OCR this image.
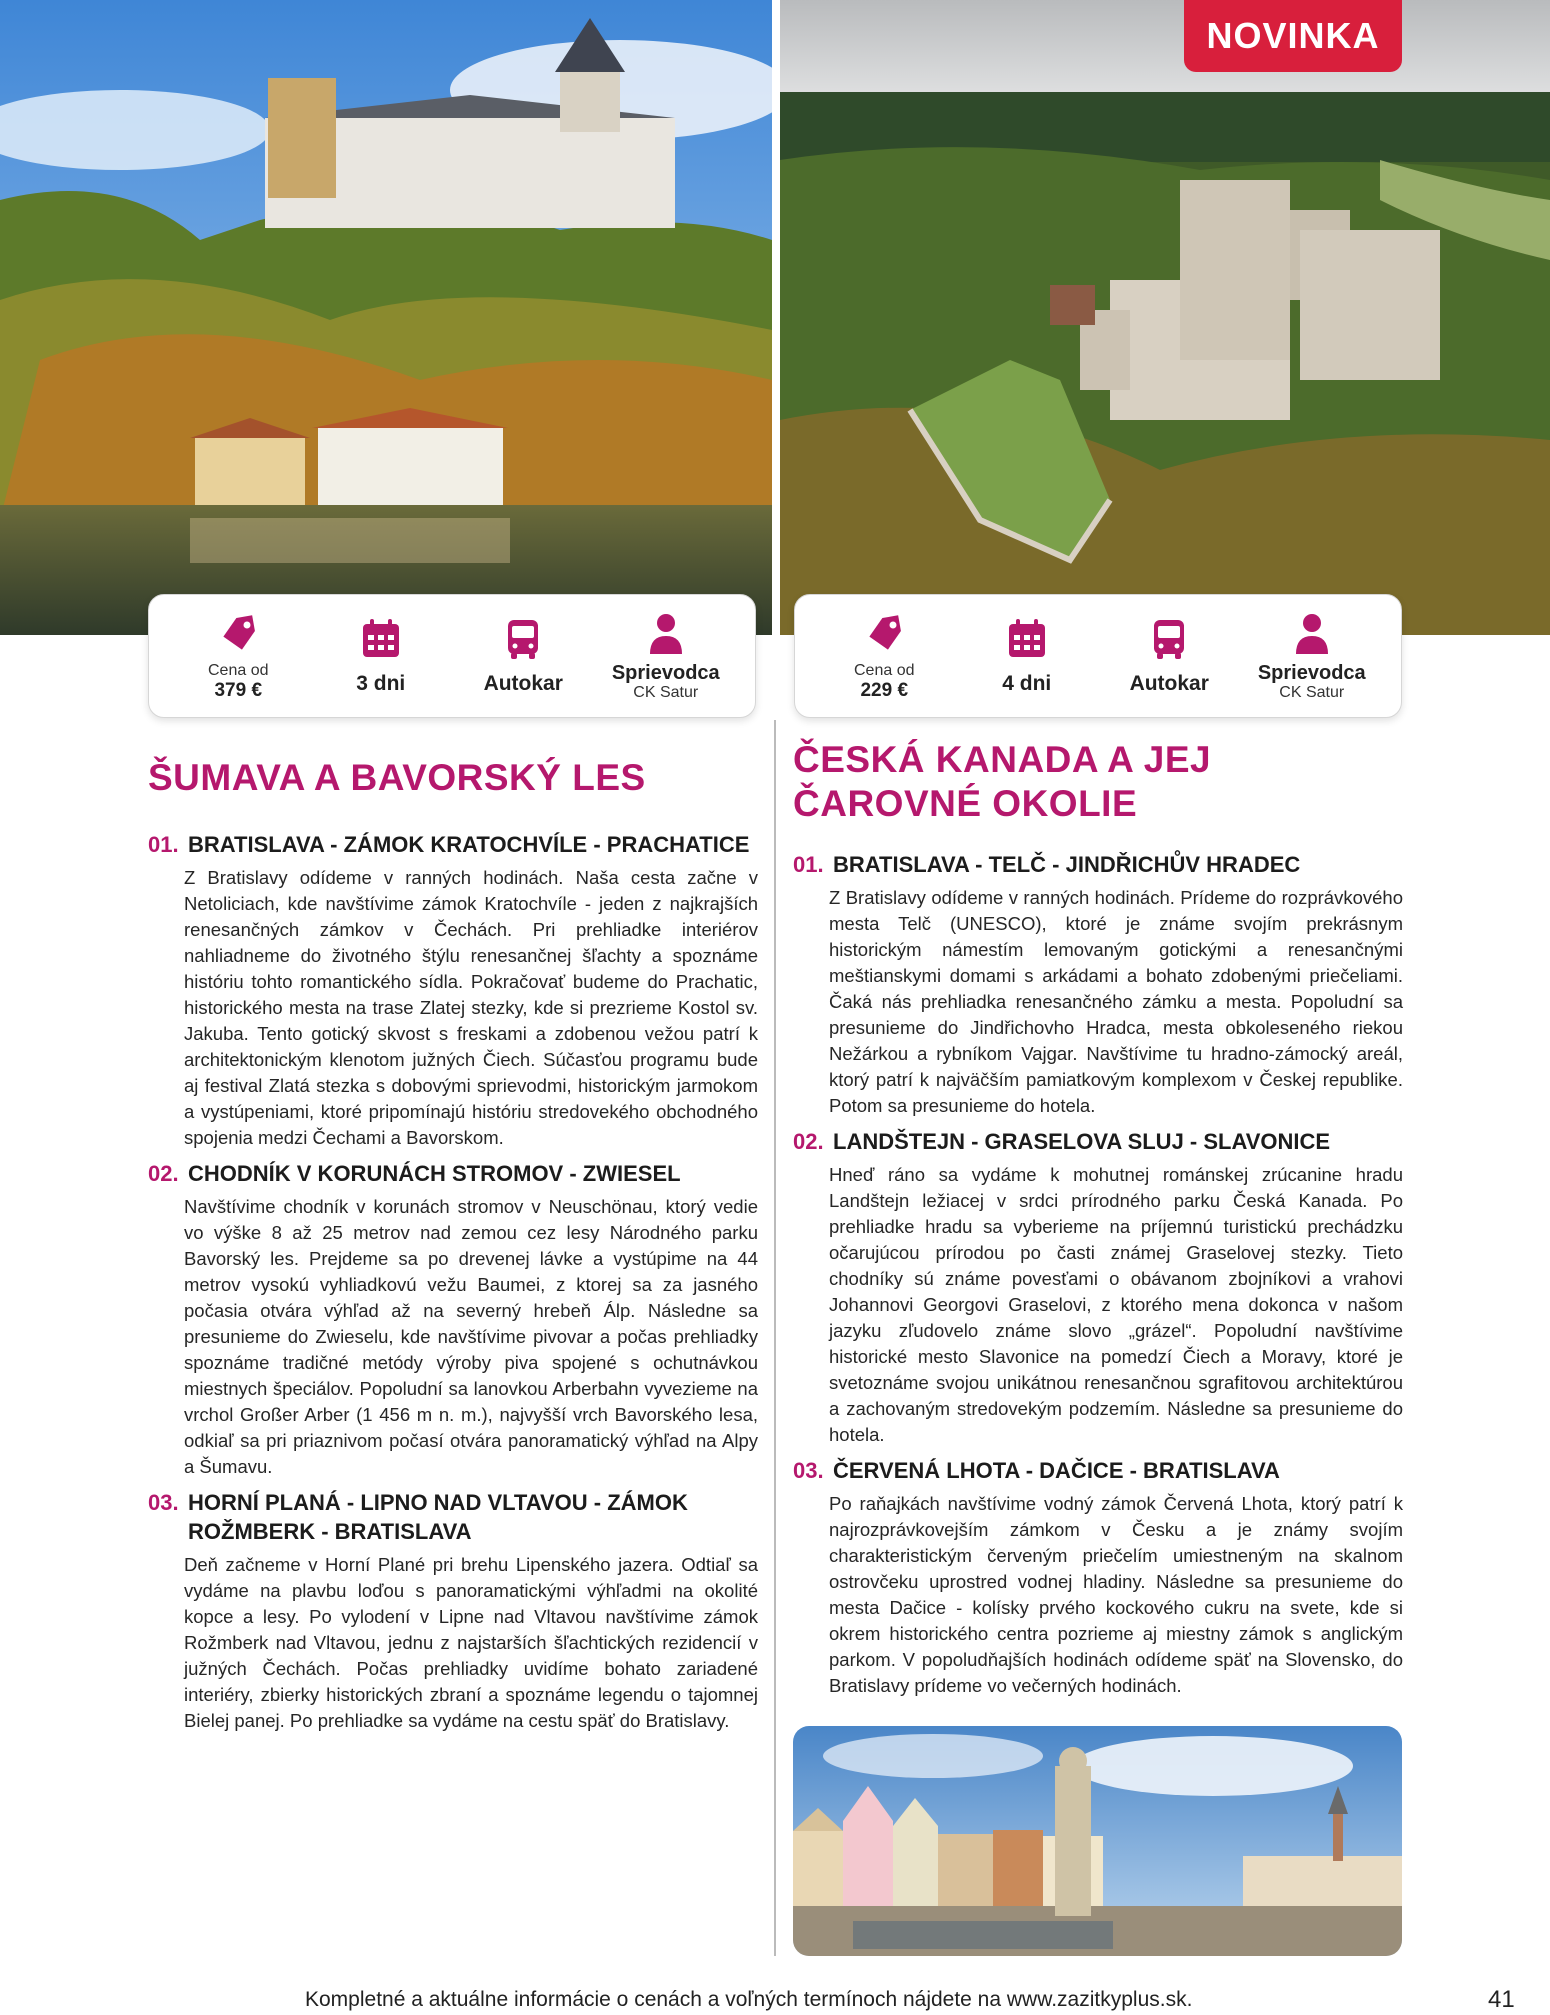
NOVINKA
Cena od
379 €	3 dni	Autokar Sprievodca
CK Satur
Cena od
229 €	4 dni	Autokar Sprievodca
CK Satur
ŠUMAVA A BAVORSKÝ LES
01. BRATISLAVA - ZÁMOK KRATOCHVÍLE - PRACHATICE

Z Bratislavy odídeme v ranných hodinách. Naša cesta začne v Netoliciach, kde navštívime zámok Kratochvíle - jeden z najkrajších renesančných zámkov v Čechách. Pri prehliadke interiérov nahliadneme do životného štýlu renesančnej šľachty a spoznáme históriu tohto romantického sídla. Pokračovať budeme do Prachatic, historického mesta na trase Zlatej stezky, kde si prezrieme Kostol sv. Jakuba. Tento gotický skvost s freskami a zdobenou vežou patrí k architektonickým klenotom južných Čiech. Súčasťou programu bude aj festival Zlatá stezka s dobovými sprievodmi, historickým jarmokom a vystúpeniami, ktoré pripomínajú históriu stredovekého obchodného spojenia medzi Čechami a Bavorskom.

02. CHODNÍK V KORUNÁCH STROMOV - ZWIESEL

Navštívime chodník v korunách stromov v Neuschönau, ktorý vedie vo výške 8 až 25 metrov nad zemou cez lesy Národného parku Bavorský les. Prejdeme sa po drevenej lávke a vystúpime na 44 metrov vysokú vyhliadkovú vežu Baumei, z ktorej sa za jasného počasia otvára výhľad až na severný hrebeň Álp. Následne sa presunieme do Zwieselu, kde navštívime pivovar a počas prehliadky spoznáme tradičné metódy výroby piva spojené s ochutnávkou miestnych špeciálov. Popoludní sa lanovkou Arberbahn vyvezieme na vrchol Großer Arber (1 456 m n. m.), najvyšší vrch Bavorského lesa, odkiaľ sa pri priaznivom počasí otvára panoramatický výhľad na Alpy a Šumavu.

03. HORNÍ PLANÁ - LIPNO NAD VLTAVOU - ZÁMOK ROŽMBERK - BRATISLAVA

Deň začneme v Horní Plané pri brehu Lipenského jazera. Odtiaľ sa vydáme na plavbu loďou s panoramatickými výhľadmi na okolité kopce a lesy. Po vylodení v Lipne nad Vltavou navštívime zámok Rožmberk nad Vltavou, jednu z najstarších šľachtických rezidencií v južných Čechách. Počas prehliadky uvidíme bohato zariadené interiéry, zbierky historických zbraní a spoznáme legendu o tajomnej Bielej panej. Po prehliadke sa vydáme na cestu späť do Bratislavy.

ČESKÁ KANADA A JEJ ČAROVNÉ OKOLIE
01. BRATISLAVA - TELČ - JINDŘICHŮV HRADEC

Z Bratislavy odídeme v ranných hodinách. Prídeme do rozprávkového mesta Telč (UNESCO), ktoré je známe svojím prekrásnym historickým námestím lemovaným gotickými a renesančnými meštianskymi domami s arkádami a bohato zdobenými priečeliami. Čaká nás prehliadka renesančného zámku a mesta. Popoludní sa presunieme do Jindřichovho Hradca, mesta obkoleseného riekou Nežárkou a rybníkom Vajgar. Navštívime tu hradno-zámocký areál, ktorý patrí k najväčším pamiatkovým komplexom v Českej republike. Potom sa presunieme do hotela.

02. LANDŠTEJN - GRASELOVA SLUJ - SLAVONICE

Hneď ráno sa vydáme k mohutnej románskej zrúcanine hradu Landštejn ležiacej v srdci prírodného parku Česká Kanada. Po prehliadke hradu sa vyberieme na príjemnú turistickú prechádzku očarujúcou prírodou po časti známej Graselovej stezky. Tieto chodníky sú známe povesťami o obávanom zbojníkovi a vrahovi Johannovi Georgovi Graselovi, z ktorého mena dokonca v našom jazyku zľudovelo známe slovo „grázel“. Popoludní navštívime historické mesto Slavonice na pomedzí Čiech a Moravy, ktoré je svetoznáme svojou unikátnou renesančnou sgrafitovou architektúrou a zachovaným stredovekým podzemím. Následne sa presunieme do hotela.

03. ČERVENÁ LHOTA - DAČICE - BRATISLAVA

Po raňajkách navštívime vodný zámok Červená Lhota, ktorý patrí k najrozprávkovejším zámkom v Česku a je známy svojím charakteristickým červeným priečelím umiestneným na skalnom ostrovčeku uprostred vodnej hladiny. Následne sa presunieme do mesta Dačice - kolísky prvého kockového cukru na svete, kde si okrem historického centra pozrieme aj miestny zámok s anglickým parkom. V popoludňajších hodinách odídeme späť na Slovensko, do Bratislavy prídeme vo večerných hodinách.

Kompletné a aktuálne informácie o cenách a voľných termínoch nájdete na www.zazitkyplus.sk.	41
